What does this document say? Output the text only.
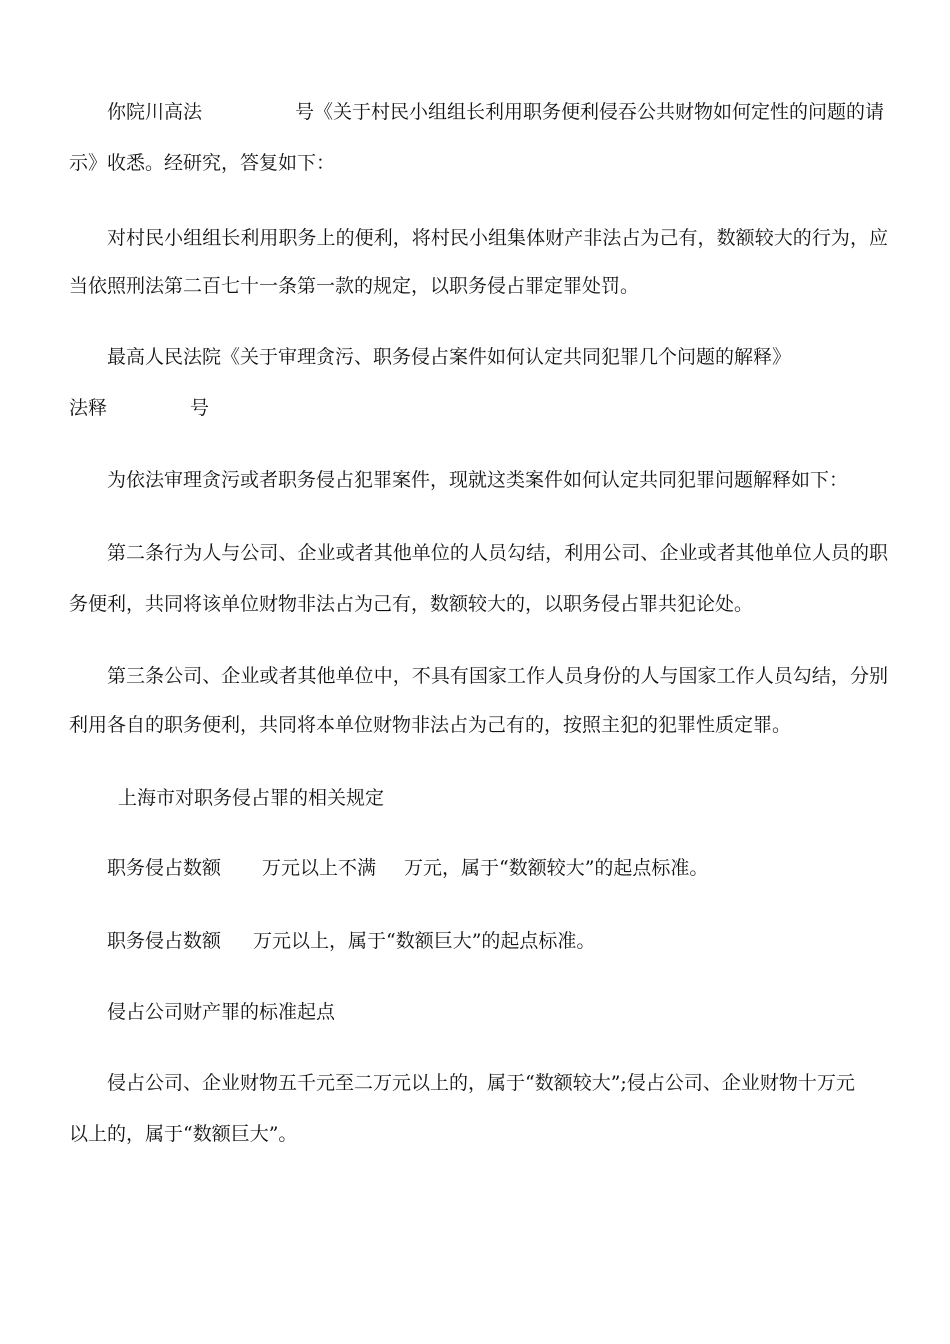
你院川高法	号《关于村民小组组长利用职务便利侵吞公共财物如何定性的问题的请
示》收悉。经研究，答复如下：
对村民小组组长利用职务上的便利，将村民小组集体财产非法占为己有，数额较大的行为，应
当依照刑法第二百七十一条第一款的规定，以职务侵占罪定罪处罚。
最高人民法院《关于审理贪污、职务侵占案件如何认定共同犯罪几个问题的解释》
法释	号
为依法审理贪污或者职务侵占犯罪案件，现就这类案件如何认定共同犯罪问题解释如下：
第二条行为人与公司、企业或者其他单位的人员勾结，利用公司、企业或者其他单位人员的职
务便利，共同将该单位财物非法占为己有，数额较大的，以职务侵占罪共犯论处。
第三条公司、企业或者其他单位中，不具有国家工作人员身份的人与国家工作人员勾结，分别
利用各自的职务便利，共同将本单位财物非法占为己有的，按照主犯的犯罪性质定罪。
上海市对职务侵占罪的相关规定
职务侵占数额 万元以上不满 万元，属于“数额较大”的起点标准。
职务侵占数额 万元以上，属于“数额巨大”的起点标准。
侵占公司财产罪的标准起点
侵占公司、企业财物五千元至二万元以上的，属于“数额较大”;侵占公司、企业财物十万元
以上的，属于“数额巨大”。
